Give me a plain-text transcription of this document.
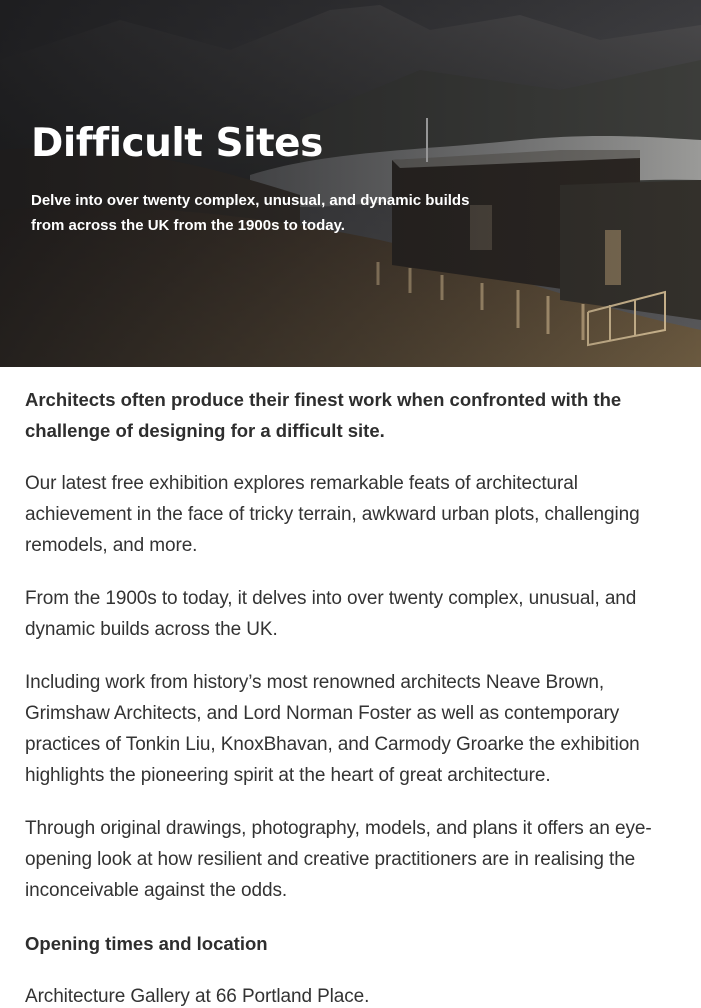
Difficult Sites

Delve into over twenty complex, unusual, and dynamic builds
from across the UK from the 1900s to today.

Architects often produce their finest work when confronted with the challenge of designing for a difficult site.

Our latest free exhibition explores remarkable feats of architectural achievement in the face of tricky terrain, awkward urban plots, challenging remodels, and more.

From the 1900s to today, it delves into over twenty complex, unusual, and dynamic builds across the UK.

Including work from history’s most renowned architects Neave Brown, Grimshaw Architects, and Lord Norman Foster as well as contemporary practices of Tonkin Liu, KnoxBhavan, and Carmody Groarke the exhibition highlights the pioneering spirit at the heart of great architecture.

Through original drawings, photography, models, and plans it offers an eye-opening look at how resilient and creative practitioners are in realising the inconceivable against the odds.

Opening times and location

Architecture Gallery at 66 Portland Place.
